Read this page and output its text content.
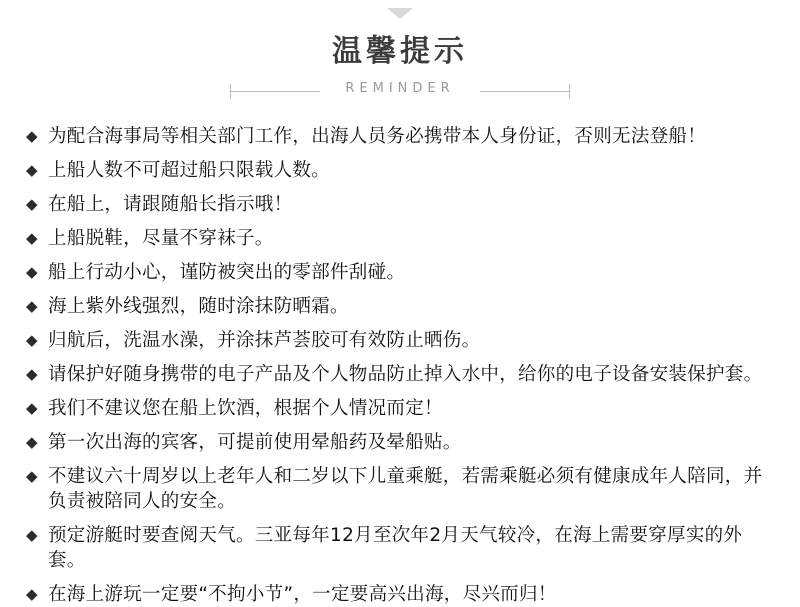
温馨提示
REMINDER
◆ 为配合海事局等相关部门工作，出海人员务必携带本人身份证，否则无法登船！
◆ 上船人数不可超过船只限载人数。
◆ 在船上，请跟随船长指示哦！
◆ 上船脱鞋，尽量不穿袜子。
◆ 船上行动小心，谨防被突出的零部件刮碰。
◆ 海上紫外线强烈，随时涂抹防晒霜。
◆ 归航后，洗温水澡，并涂抹芦荟胶可有效防止晒伤。
◆ 请保护好随身携带的电子产品及个人物品防止掉入水中，给你的电子设备安装保护套。
◆ 我们不建议您在船上饮酒，根据个人情况而定！
◆ 第一次出海的宾客，可提前使用晕船药及晕船贴。
◆ 不建议六十周岁以上老年人和二岁以下儿童乘艇，若需乘艇必须有健康成年人陪同，并负责被陪同人的安全。
◆ 预定游艇时要查阅天气。三亚每年12月至次年2月天气较冷，在海上需要穿厚实的外套。
◆ 在海上游玩一定要“不拘小节”，一定要高兴出海，尽兴而归！
